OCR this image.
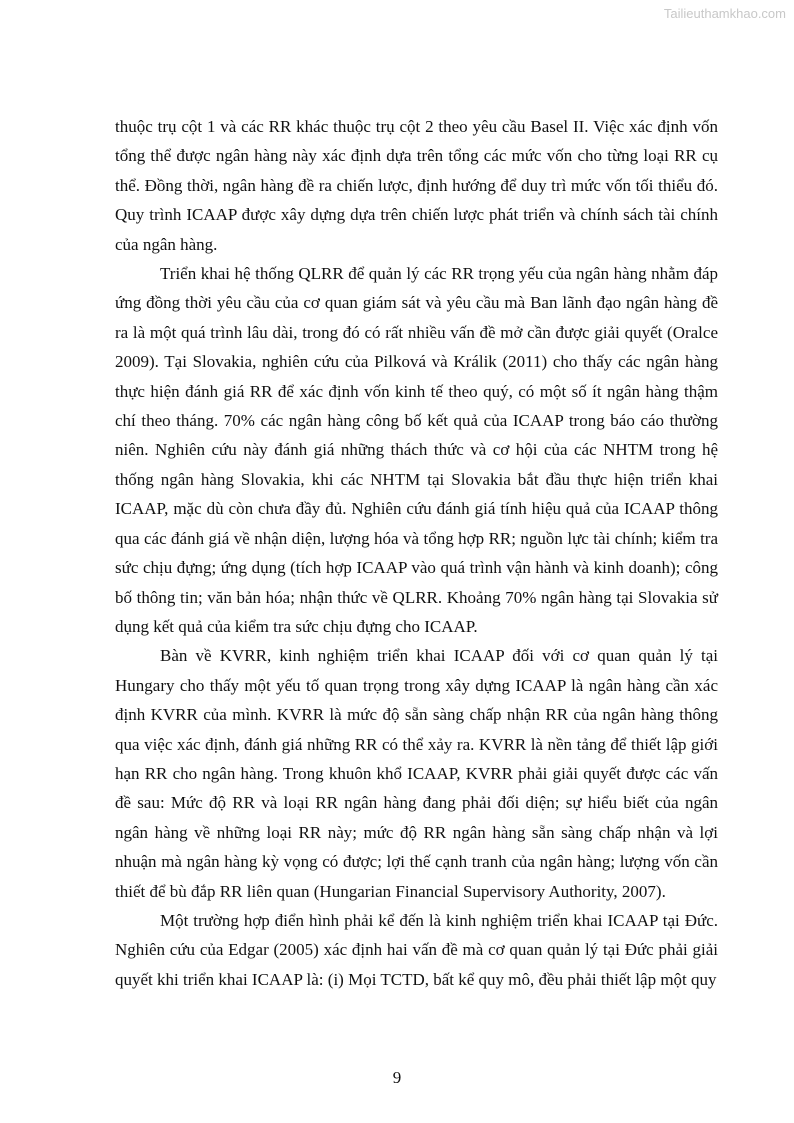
Tailieuthamkhao.com

thuộc trụ cột 1 và các RR khác thuộc trụ cột 2 theo yêu cầu Basel II. Việc xác định vốn tổng thể được ngân hàng này xác định dựa trên tổng các mức vốn cho từng loại RR cụ thể. Đồng thời, ngân hàng đề ra chiến lược, định hướng để duy trì mức vốn tối thiểu đó. Quy trình ICAAP được xây dựng dựa trên chiến lược phát triển và chính sách tài chính của ngân hàng.

Triển khai hệ thống QLRR để quản lý các RR trọng yếu của ngân hàng nhằm đáp ứng đồng thời yêu cầu của cơ quan giám sát và yêu cầu mà Ban lãnh đạo ngân hàng đề ra là một quá trình lâu dài, trong đó có rất nhiều vấn đề mở cần được giải quyết (Oralce 2009). Tại Slovakia, nghiên cứu của Pilková và Králik (2011) cho thấy các ngân hàng thực hiện đánh giá RR để xác định vốn kinh tế theo quý, có một số ít ngân hàng thậm chí theo tháng. 70% các ngân hàng công bố kết quả của ICAAP trong báo cáo thường niên. Nghiên cứu này đánh giá những thách thức và cơ hội của các NHTM trong hệ thống ngân hàng Slovakia, khi các NHTM tại Slovakia bắt đầu thực hiện triển khai ICAAP, mặc dù còn chưa đầy đủ. Nghiên cứu đánh giá tính hiệu quả của ICAAP thông qua các đánh giá về nhận diện, lượng hóa và tổng hợp RR; nguồn lực tài chính; kiểm tra sức chịu đựng; ứng dụng (tích hợp ICAAP vào quá trình vận hành và kinh doanh); công bố thông tin; văn bản hóa; nhận thức về QLRR. Khoảng 70% ngân hàng tại Slovakia sử dụng kết quả của kiểm tra sức chịu đựng cho ICAAP.

Bàn về KVRR, kinh nghiệm triển khai ICAAP đối với cơ quan quản lý tại Hungary cho thấy một yếu tố quan trọng trong xây dựng ICAAP là ngân hàng cần xác định KVRR của mình. KVRR là mức độ sẵn sàng chấp nhận RR của ngân hàng thông qua việc xác định, đánh giá những RR có thể xảy ra. KVRR là nền tảng để thiết lập giới hạn RR cho ngân hàng. Trong khuôn khổ ICAAP, KVRR phải giải quyết được các vấn đề sau: Mức độ RR và loại RR ngân hàng đang phải đối diện; sự hiểu biết của ngân ngân hàng về những loại RR này; mức độ RR ngân hàng sẵn sàng chấp nhận và lợi nhuận mà ngân hàng kỳ vọng có được; lợi thế cạnh tranh của ngân hàng; lượng vốn cần thiết để bù đắp RR liên quan (Hungarian Financial Supervisory Authority, 2007).

Một trường hợp điển hình phải kể đến là kinh nghiệm triển khai ICAAP tại Đức. Nghiên cứu của Edgar (2005) xác định hai vấn đề mà cơ quan quản lý tại Đức phải giải quyết khi triển khai ICAAP là: (i) Mọi TCTD, bất kể quy mô, đều phải thiết lập một quy

9
